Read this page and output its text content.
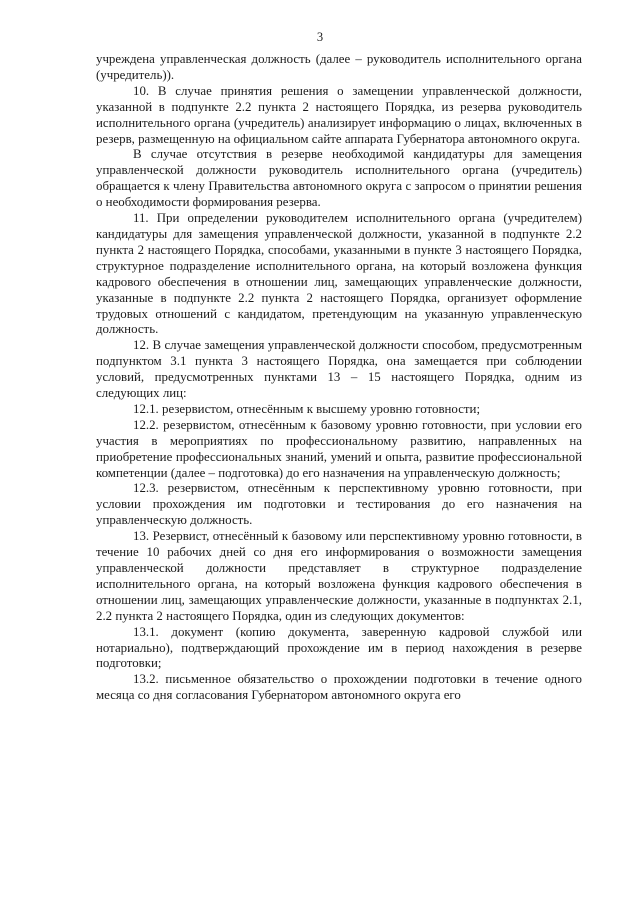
3

учреждена управленческая должность (далее – руководитель исполнительного органа (учредитель)).

10. В случае принятия решения о замещении управленческой должности, указанной в подпункте 2.2 пункта 2 настоящего Порядка, из резерва руководитель исполнительного органа (учредитель) анализирует информацию о лицах, включенных в резерв, размещенную на официальном сайте аппарата Губернатора автономного округа.

В случае отсутствия в резерве необходимой кандидатуры для замещения управленческой должности руководитель исполнительного органа (учредитель) обращается к члену Правительства автономного округа с запросом о принятии решения о необходимости формирования резерва.

11. При определении руководителем исполнительного органа (учредителем) кандидатуры для замещения управленческой должности, указанной в подпункте 2.2 пункта 2 настоящего Порядка, способами, указанными в пункте 3 настоящего Порядка, структурное подразделение исполнительного органа, на который возложена функция кадрового обеспечения в отношении лиц, замещающих управленческие должности, указанные в подпункте 2.2 пункта 2 настоящего Порядка, организует оформление трудовых отношений с кандидатом, претендующим на указанную управленческую должность.

12. В случае замещения управленческой должности способом, предусмотренным подпунктом 3.1 пункта 3 настоящего Порядка, она замещается при соблюдении условий, предусмотренных пунктами 13 – 15 настоящего Порядка, одним из следующих лиц:

12.1. резервистом, отнесённым к высшему уровню готовности;

12.2. резервистом, отнесённым к базовому уровню готовности, при условии его участия в мероприятиях по профессиональному развитию, направленных на приобретение профессиональных знаний, умений и опыта, развитие профессиональной компетенции (далее – подготовка) до его назначения на управленческую должность;

12.3. резервистом, отнесённым к перспективному уровню готовности, при условии прохождения им подготовки и тестирования до его назначения на управленческую должность.

13. Резервист, отнесённый к базовому или перспективному уровню готовности, в течение 10 рабочих дней со дня его информирования о возможности замещения управленческой должности представляет в структурное подразделение исполнительного органа, на который возложена функция кадрового обеспечения в отношении лиц, замещающих управленческие должности, указанные в подпунктах 2.1, 2.2 пункта 2 настоящего Порядка, один из следующих документов:

13.1. документ (копию документа, заверенную кадровой службой или нотариально), подтверждающий прохождение им в период нахождения в резерве подготовки;

13.2. письменное обязательство о прохождении подготовки в течение одного месяца со дня согласования Губернатором автономного округа его
